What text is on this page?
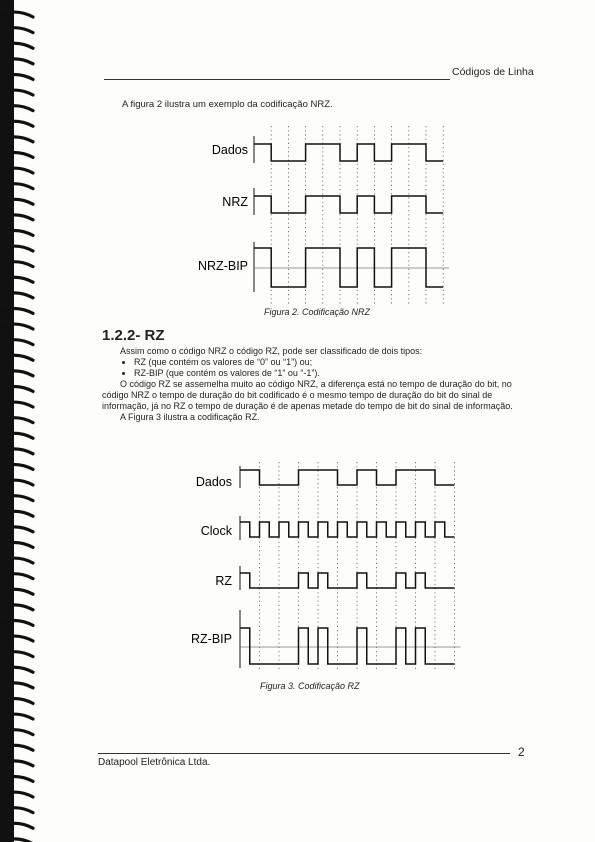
Códigos de Linha
A figura 2 ilustra um exemplo da codificação NRZ.
Dados
NRZ
NRZ-BIP
Figura 2. Codificação NRZ
1.2.2- RZ

Assim como o código NRZ o código RZ, pode ser classificado de dois tipos:

• RZ (que contém os valores de “0” ou “1”) ou;
• RZ-BIP (que contém os valores de “1” ou “-1”).

O código RZ se assemelha muito ao código NRZ, a diferença está no tempo de duração do bit, no código NRZ o tempo de duração do bit codificado é o mesmo tempo de duração do bit do sinal de informação, já no RZ o tempo de duração é de apenas metade do tempo de bit do sinal de informação.

A Figura 3 ilustra a codificação RZ.

Dados
Clock
RZ
RZ-BIP
Figura 3. Codificação RZ
Datapool Eletrônica Ltda.
2
